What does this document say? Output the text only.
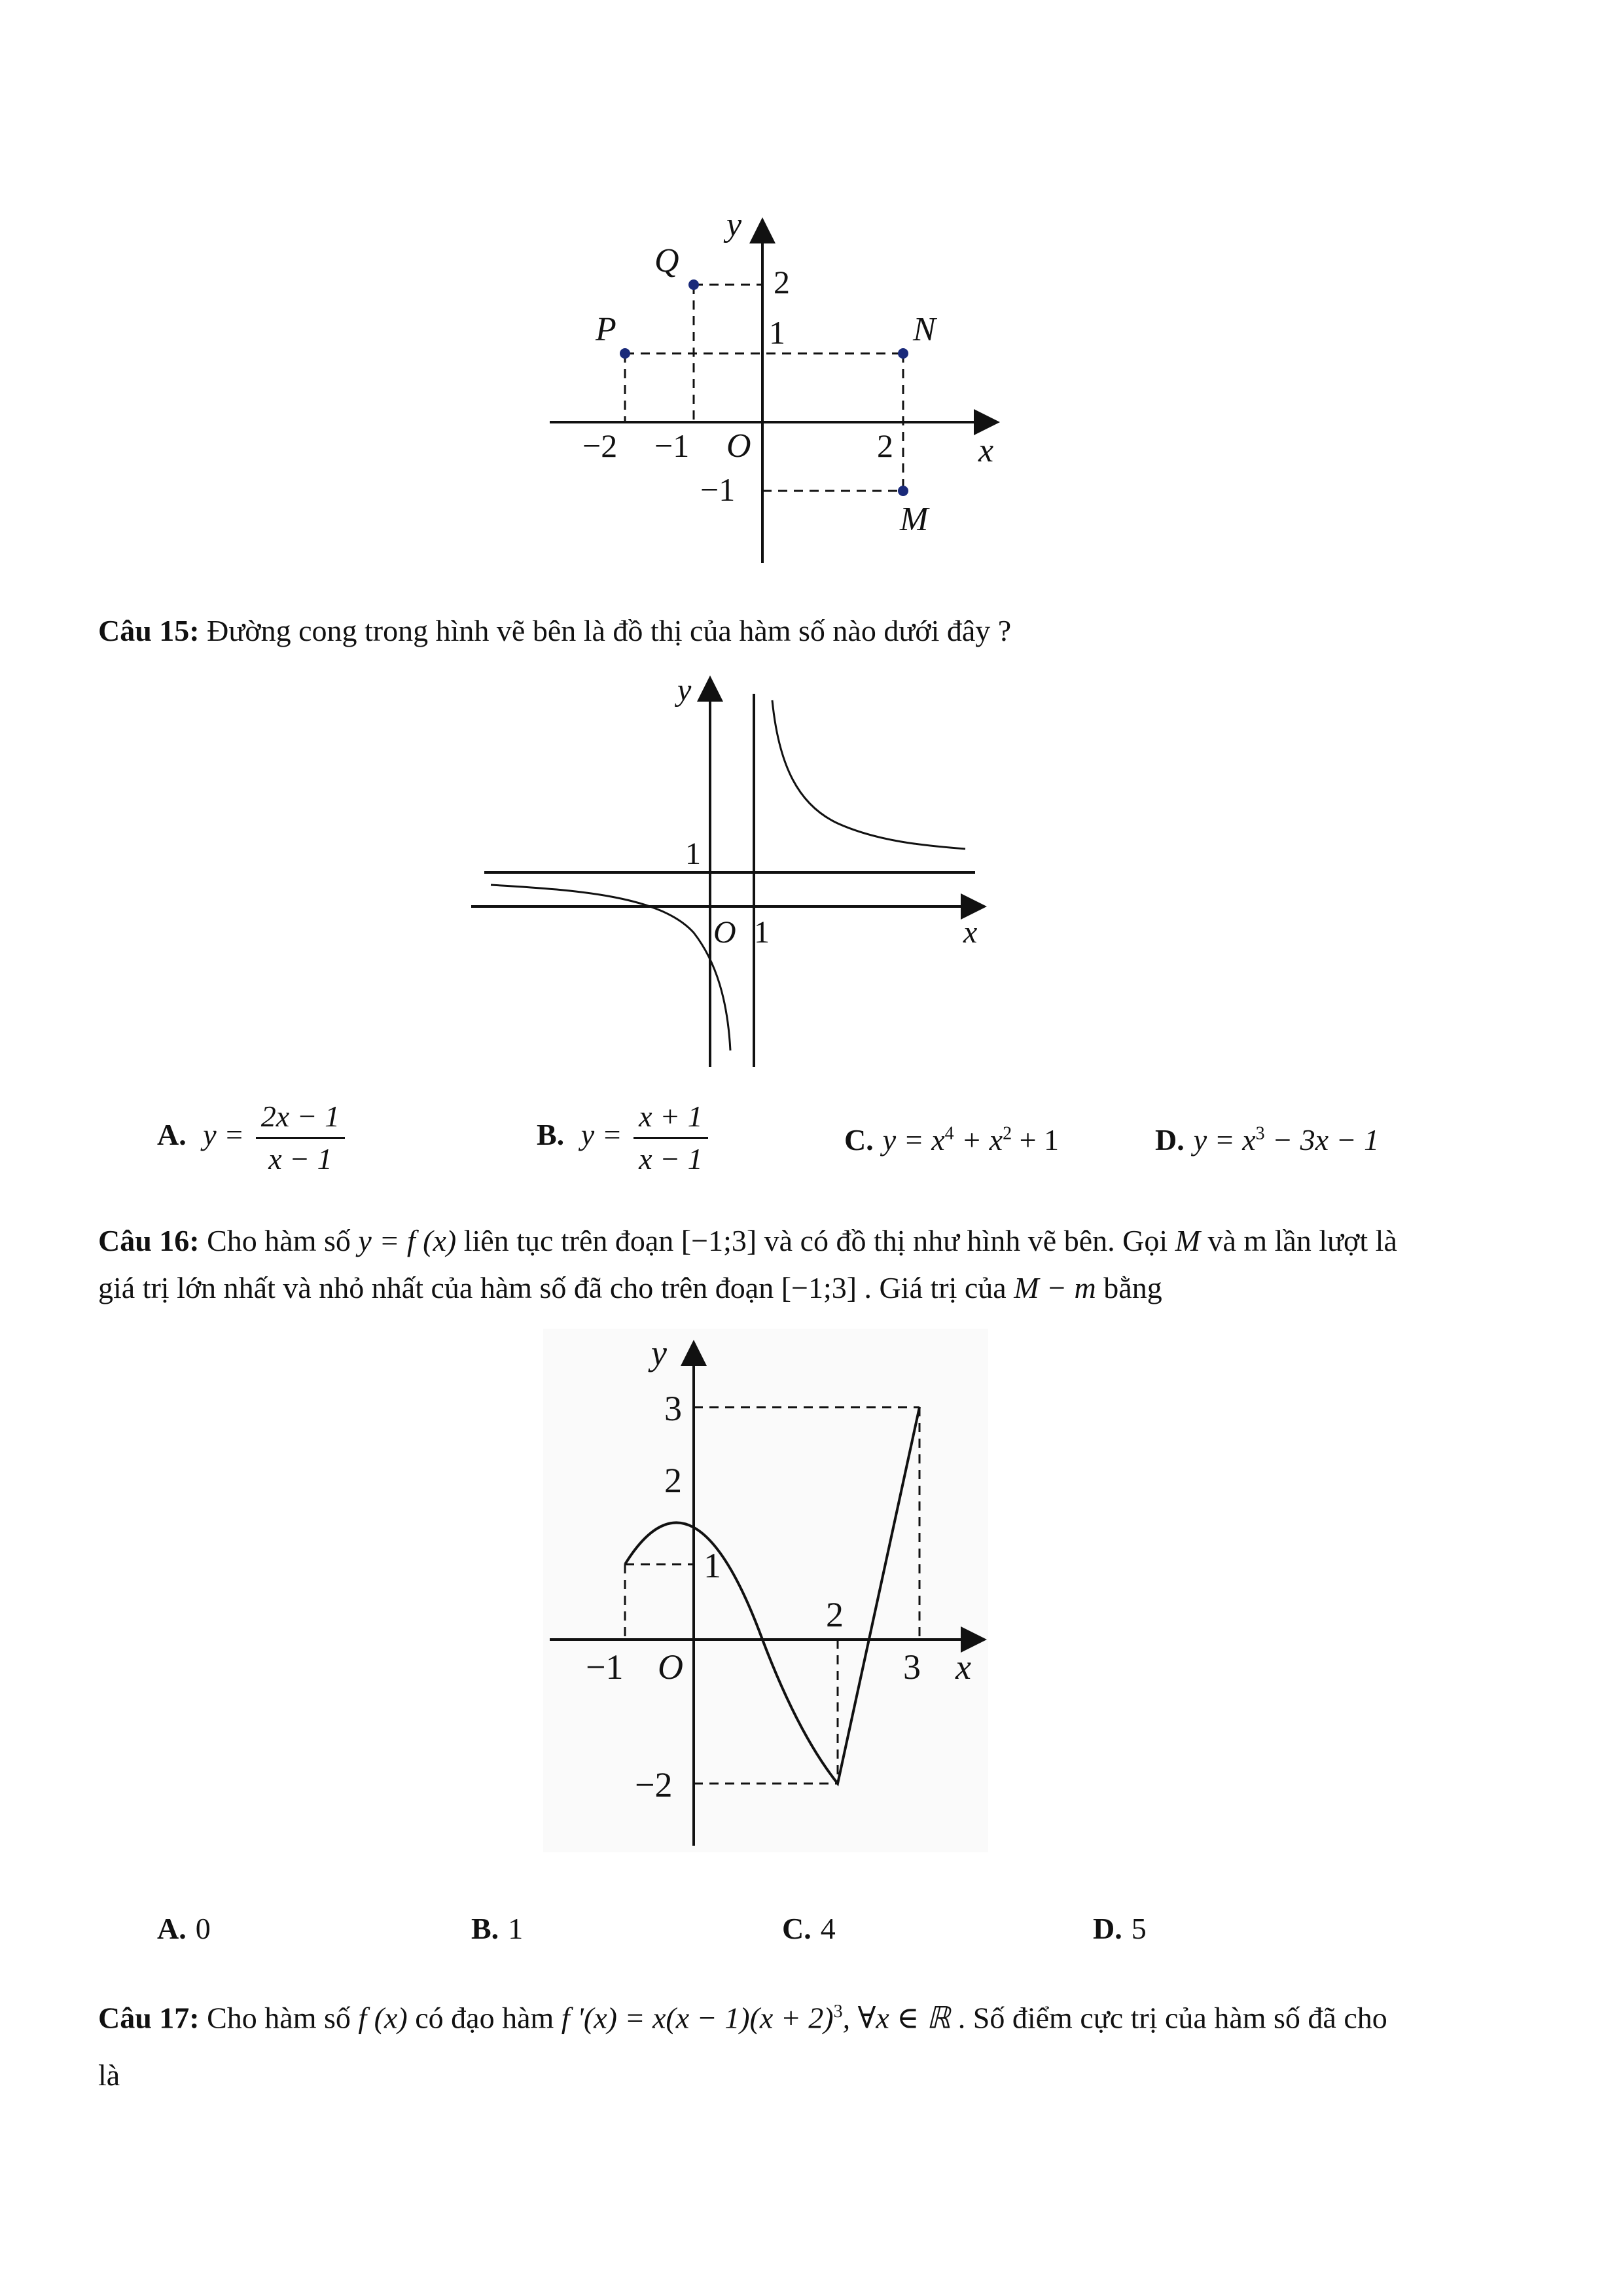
y
x
O
P
Q
N
M
−2 −1
2
1
2
−1
Câu 15: Đường cong trong hình vẽ bên là đồ thị của hàm số nào dưới đây ?
y
x
O
1
1
A. $y = \frac{2x - 1}{x - 1}$	B. $y = \frac{x + 1}{x - 1}$	C. $y = x^4 + x^2 + 1$	D. $y = x^3 - 3x - 1$
Câu 16: Cho hàm số y = f (x) liên tục trên đoạn [−1;3] và có đồ thị như hình vẽ bên. Gọi M và m lần lượt là
giá trị lớn nhất và nhỏ nhất của hàm số đã cho trên đoạn [−1;3] . Giá trị của M − m bằng
y
x
O
3
2
1
−1
2
3
−2
A. 0	B. 1	C. 4	D. 5
Câu 17: Cho hàm số f (x) có đạo hàm f '$(x) = x(x - 1)(x + 2)^3$, ∀x ∈ ℝ . Số điểm cực trị của hàm số đã cho
là
